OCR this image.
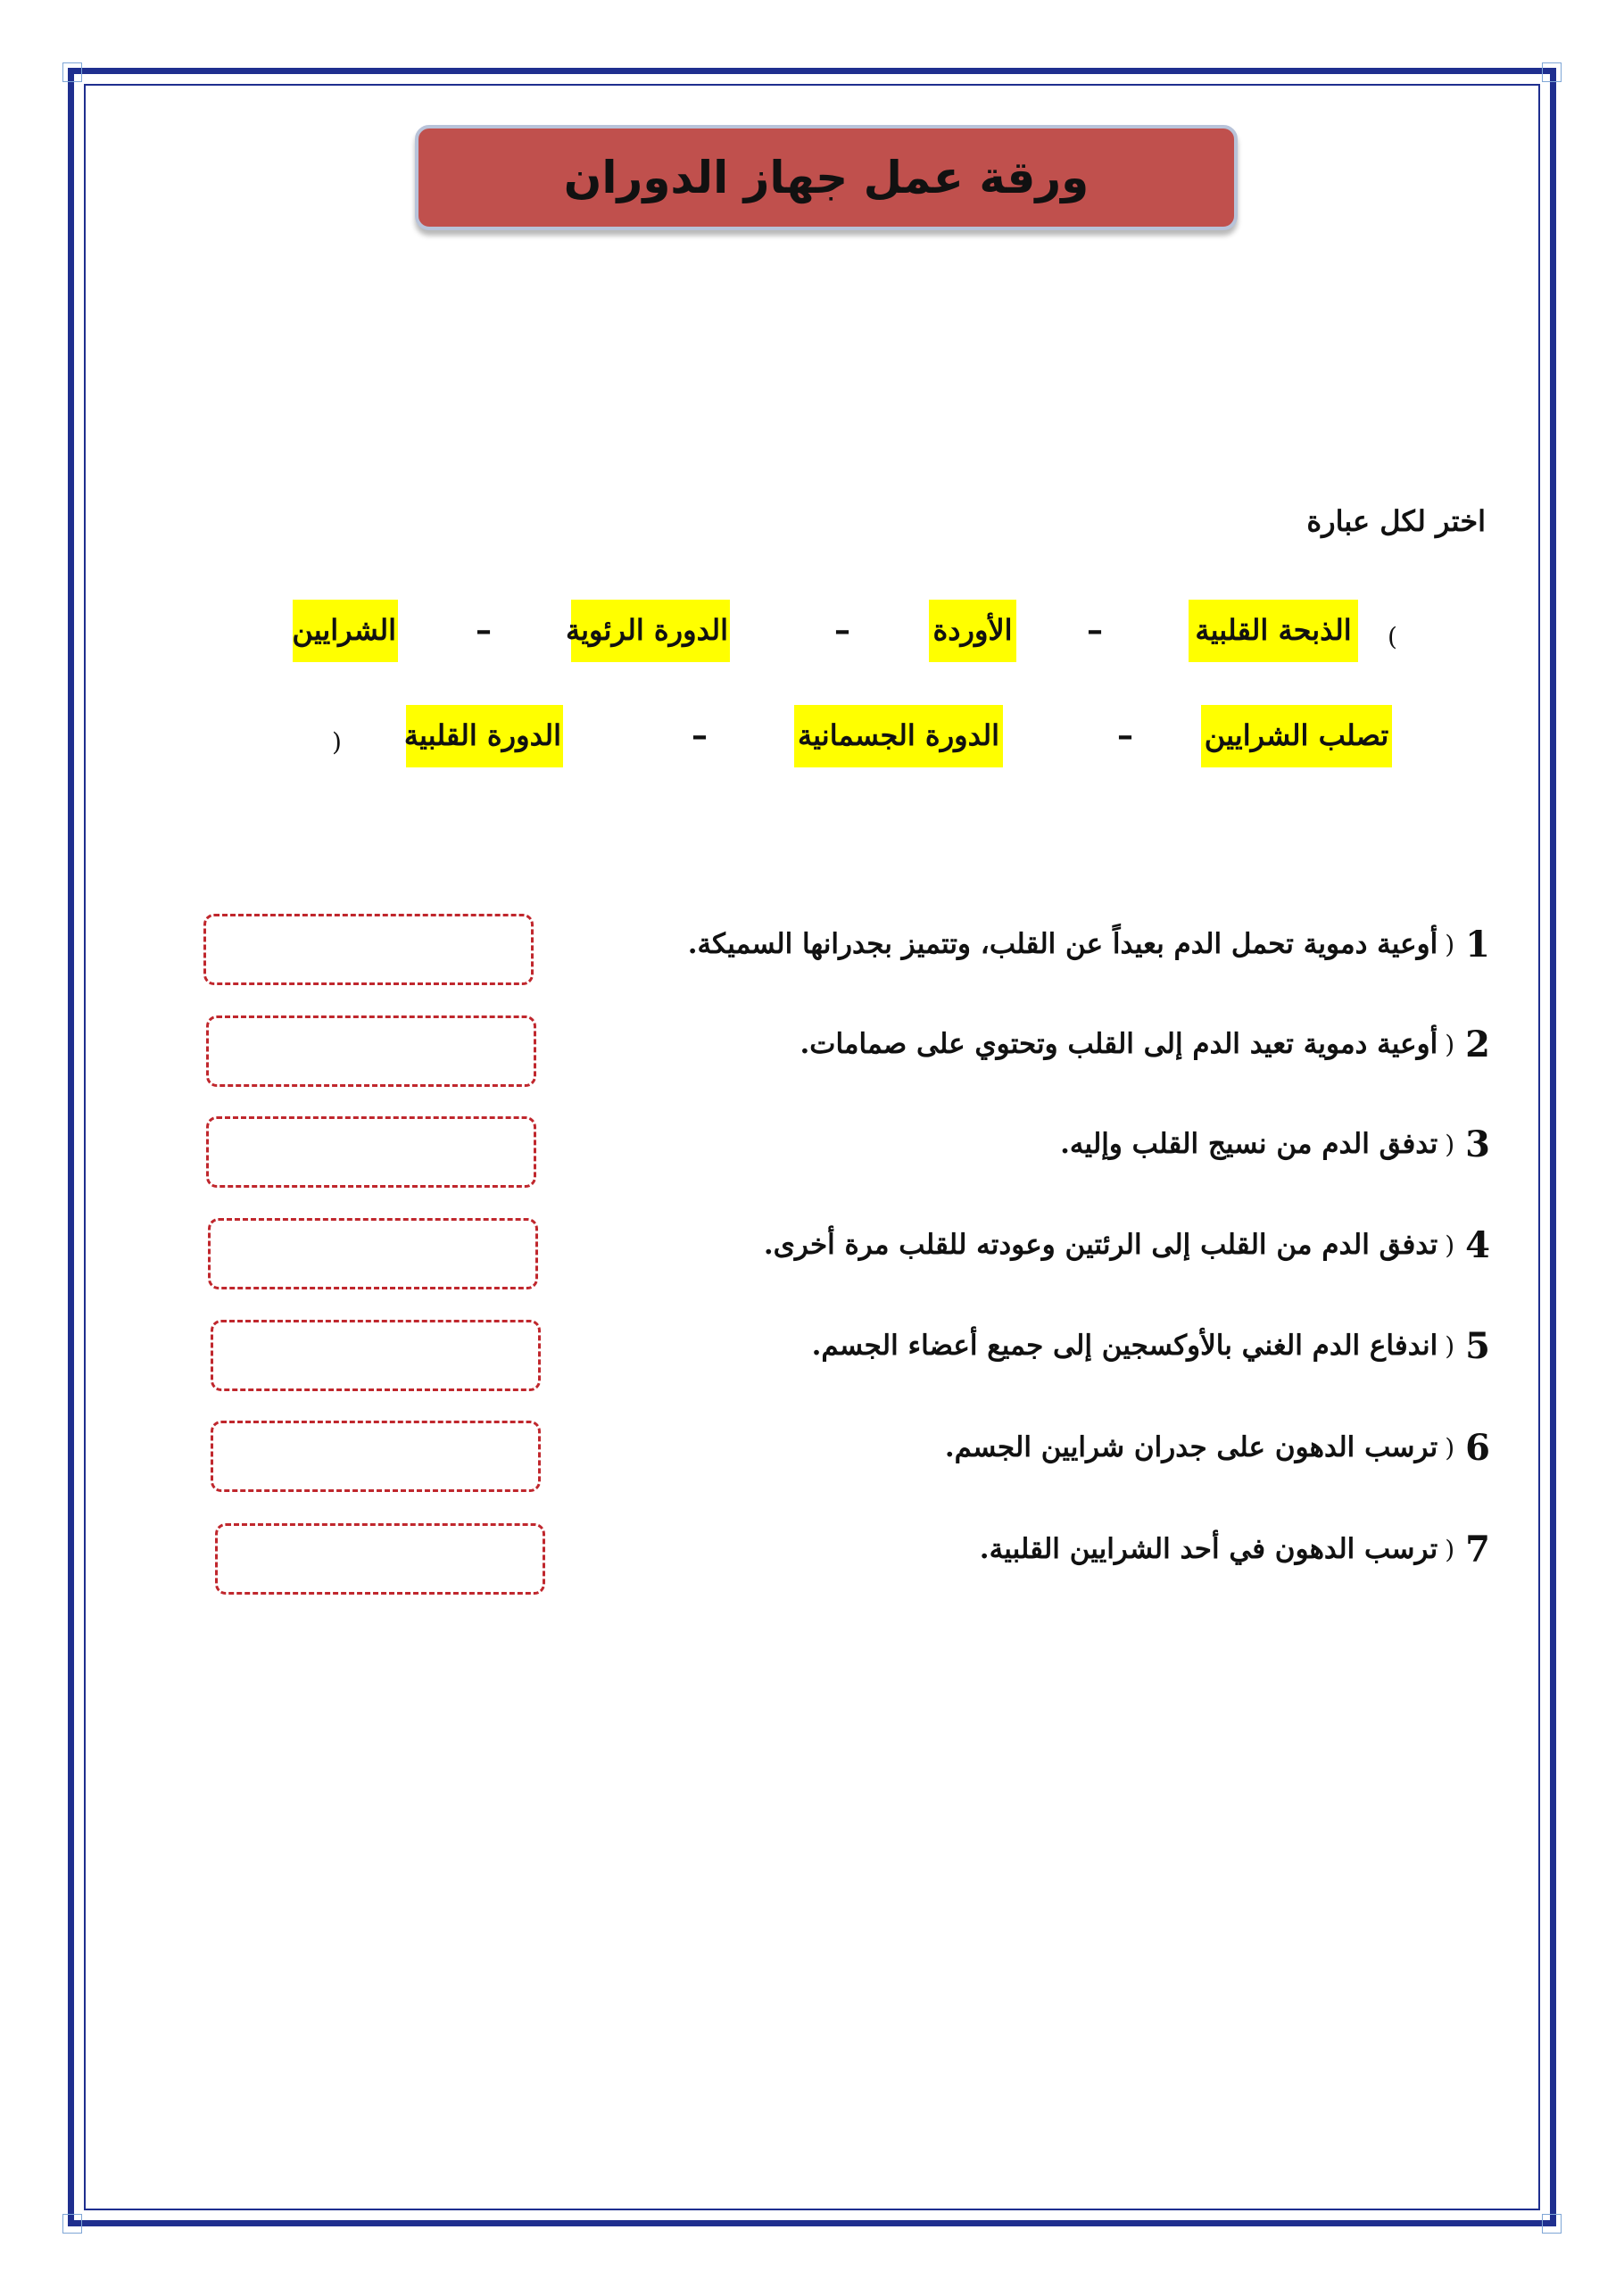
ورقة عمل جهاز الدوران
اختر لكل عبارة
(
الذبحة القلبية
–
الأوردة
–
الدورة الرئوية
–
الشرايين
تصلب الشرايين
–
الدورة الجسمانية
–
الدورة القلبية
)
1
)
أوعية دموية تحمل الدم بعيداً عن القلب، وتتميز بجدرانها السميكة.
2
)
أوعية دموية تعيد الدم إلى القلب وتحتوي على صمامات.
3
)
تدفق الدم من نسيج القلب وإليه.
4
)
تدفق الدم من القلب إلى الرئتين وعودته للقلب مرة أخرى.
5
)
اندفاع الدم الغني بالأوكسجين إلى جميع أعضاء الجسم.
6
)
ترسب الدهون على جدران شرايين الجسم.
7
)
ترسب الدهون في أحد الشرايين القلبية.
